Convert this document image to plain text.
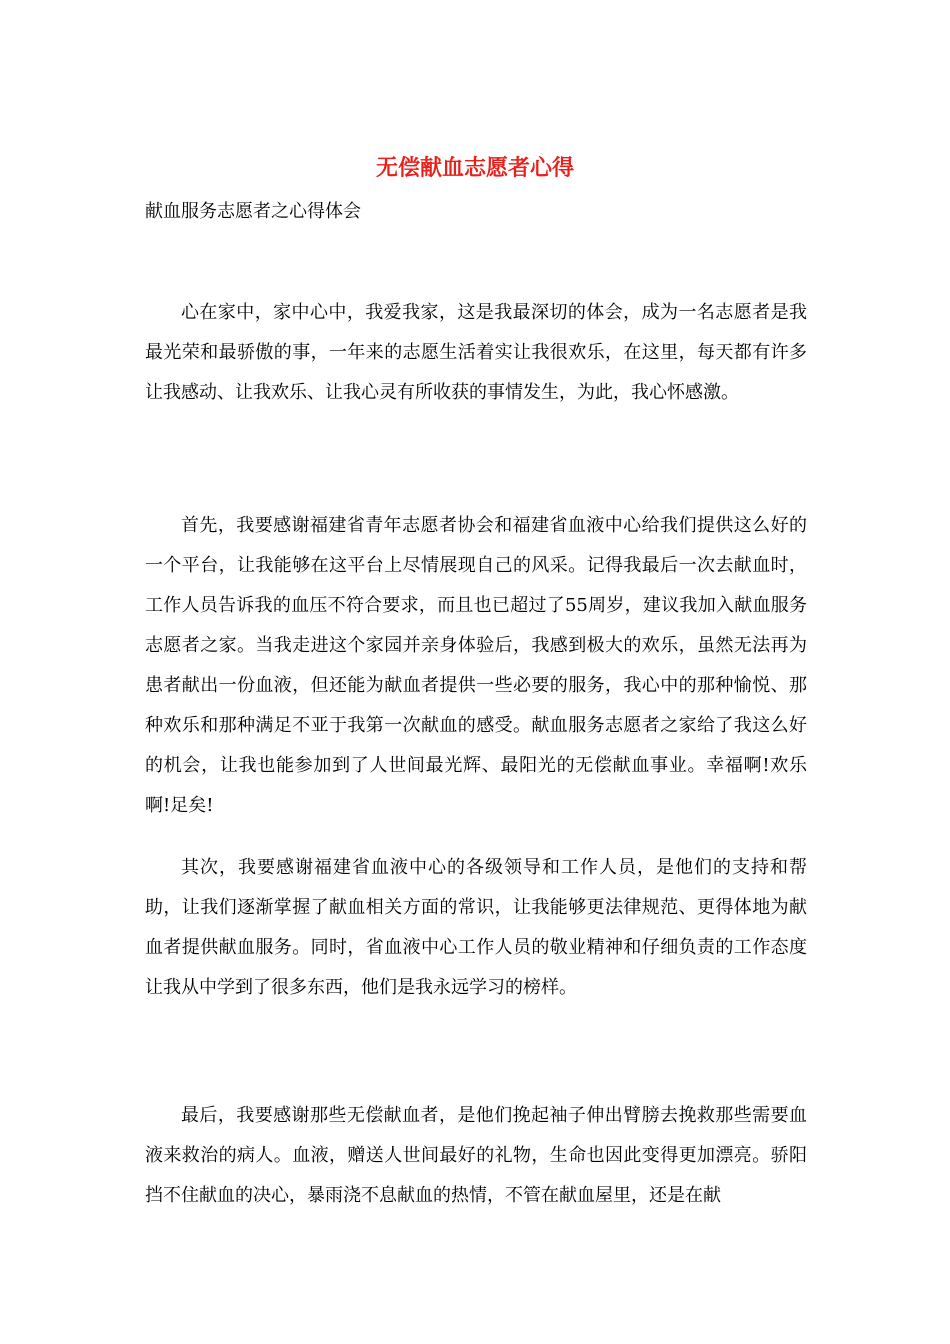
无偿献血志愿者心得

献血服务志愿者之心得体会

心在家中，家中心中，我爱我家，这是我最深切的体会，成为一名志愿者是我最光荣和最骄傲的事，一年来的志愿生活着实让我很欢乐，在这里，每天都有许多让我感动、让我欢乐、让我心灵有所收获的事情发生，为此，我心怀感激。

首先，我要感谢福建省青年志愿者协会和福建省血液中心给我们提供这么好的一个平台，让我能够在这平台上尽情展现自己的风采。记得我最后一次去献血时，工作人员告诉我的血压不符合要求，而且也已超过了55周岁，建议我加入献血服务志愿者之家。当我走进这个家园并亲身体验后，我感到极大的欢乐，虽然无法再为患者献出一份血液，但还能为献血者提供一些必要的服务，我心中的那种愉悦、那种欢乐和那种满足不亚于我第一次献血的感受。献血服务志愿者之家给了我这么好的机会，让我也能参加到了人世间最光辉、最阳光的无偿献血事业。幸福啊!欢乐啊!足矣!

其次，我要感谢福建省血液中心的各级领导和工作人员，是他们的支持和帮助，让我们逐渐掌握了献血相关方面的常识，让我能够更法律规范、更得体地为献血者提供献血服务。同时，省血液中心工作人员的敬业精神和仔细负责的工作态度让我从中学到了很多东西，他们是我永远学习的榜样。

最后，我要感谢那些无偿献血者，是他们挽起袖子伸出臂膀去挽救那些需要血液来救治的病人。血液，赠送人世间最好的礼物，生命也因此变得更加漂亮。骄阳挡不住献血的决心，暴雨浇不息献血的热情，不管在献血屋里，还是在献
